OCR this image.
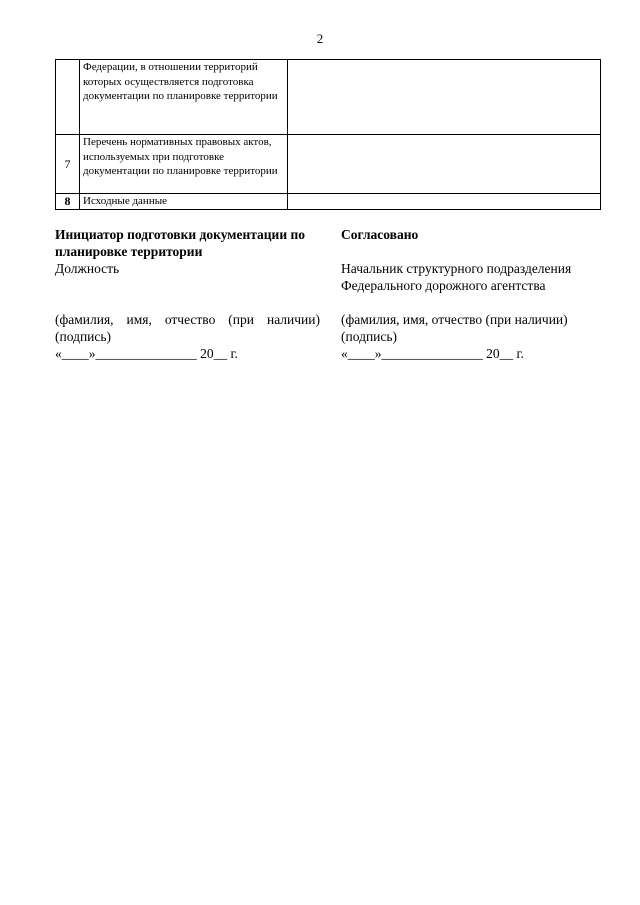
2
	Федерации, в отношении территорий которых осуществляется подготовка документации по планировке территории	
7	Перечень нормативных правовых актов, используемых при подготовке документации по планировке территории	
8	Исходные данные	

Инициатор подготовки документации по планировке территории

Должность

(фамилия, имя, отчество (при наличии) (подпись)

«____»_______________ 20__ г.

Согласовано

Начальник структурного подразделения Федерального дорожного агентства

(фамилия, имя, отчество (при наличии) (подпись)

«____»_______________ 20__ г.
